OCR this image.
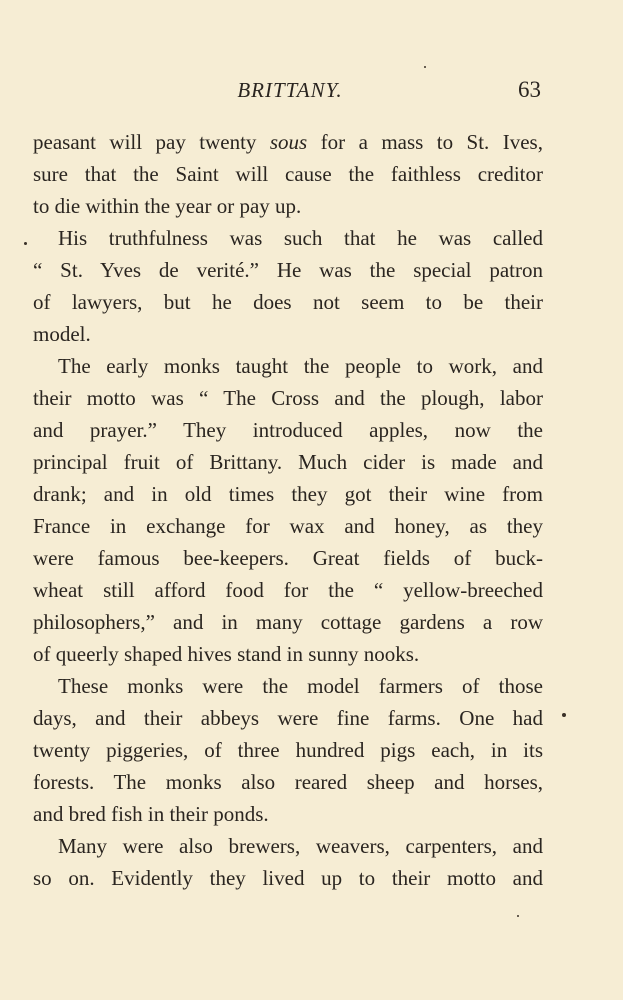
BRITTANY.	63
peasant will pay twenty sous for a mass to St. Ives,
sure that the Saint will cause the faithless creditor
to die within the year or pay up.
His truthfulness was such that he was called
“ St. Yves de verité.” He was the special patron
of lawyers, but he does not seem to be their
model.
The early monks taught the people to work, and
their motto was “ The Cross and the plough, labor
and prayer.” They introduced apples, now the
principal fruit of Brittany. Much cider is made and
drank; and in old times they got their wine from
France in exchange for wax and honey, as they
were famous bee-keepers. Great fields of buck-
wheat still afford food for the “ yellow-breeched
philosophers,” and in many cottage gardens a row
of queerly shaped hives stand in sunny nooks.
These monks were the model farmers of those
days, and their abbeys were fine farms. One had
twenty piggeries, of three hundred pigs each, in its
forests. The monks also reared sheep and horses,
and bred fish in their ponds.
Many were also brewers, weavers, carpenters, and
so on. Evidently they lived up to their motto and
